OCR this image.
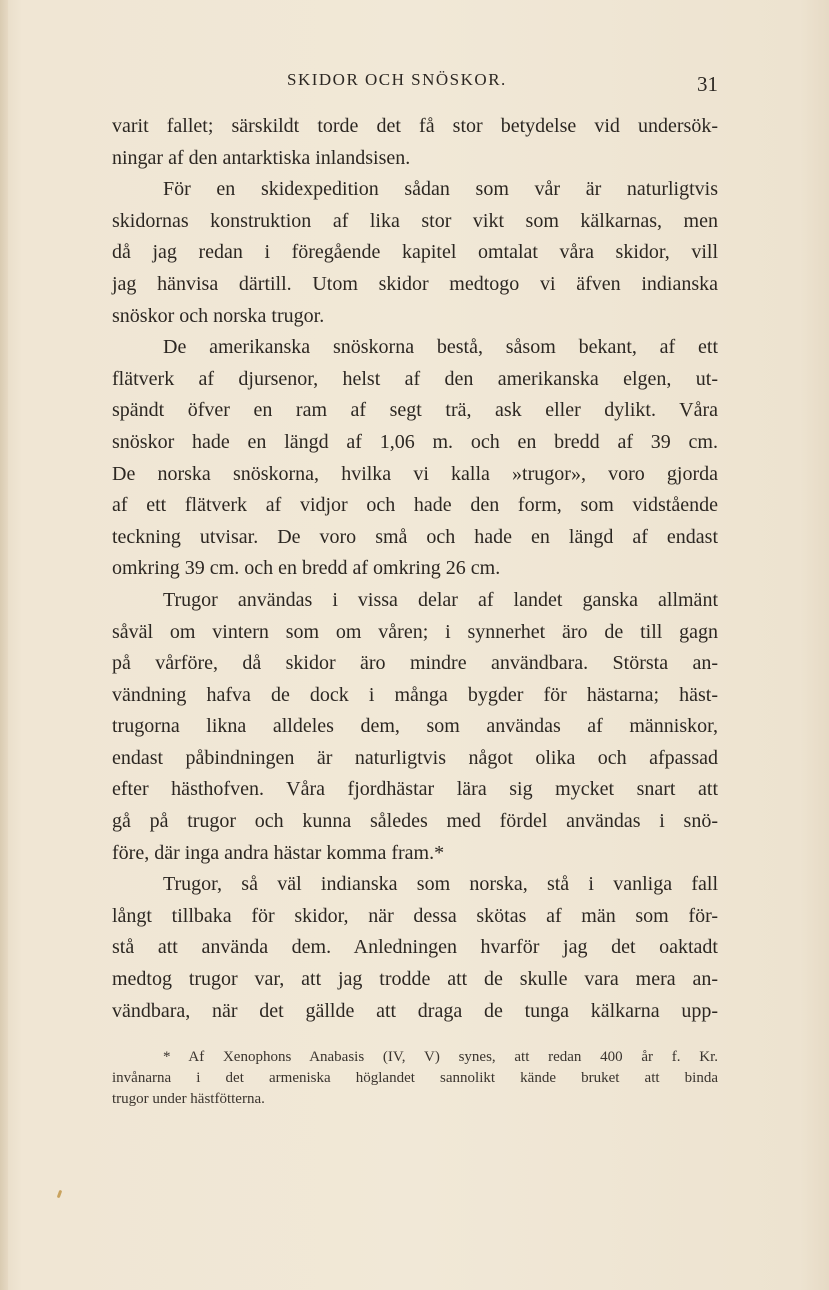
SKIDOR OCH SNÖSKOR.	31
varit fallet; särskildt torde det få stor betydelse vid undersök-
ningar af den antarktiska inlandsisen.
För en skidexpedition sådan som vår är naturligtvis
skidornas konstruktion af lika stor vikt som kälkarnas, men
då jag redan i föregående kapitel omtalat våra skidor, vill
jag hänvisa därtill. Utom skidor medtogo vi äfven indianska
snöskor och norska trugor.
De amerikanska snöskorna bestå, såsom bekant, af ett
flätverk af djursenor, helst af den amerikanska elgen, ut-
spändt öfver en ram af segt trä, ask eller dylikt. Våra
snöskor hade en längd af 1,06 m. och en bredd af 39 cm.
De norska snöskorna, hvilka vi kalla »trugor», voro gjorda
af ett flätverk af vidjor och hade den form, som vidstående
teckning utvisar. De voro små och hade en längd af endast
omkring 39 cm. och en bredd af omkring 26 cm.
Trugor användas i vissa delar af landet ganska allmänt
såväl om vintern som om våren; i synnerhet äro de till gagn
på vårföre, då skidor äro mindre användbara. Största an-
vändning hafva de dock i många bygder för hästarna; häst-
trugorna likna alldeles dem, som användas af människor,
endast påbindningen är naturligtvis något olika och afpassad
efter hästhofven. Våra fjordhästar lära sig mycket snart att
gå på trugor och kunna således med fördel användas i snö-
före, där inga andra hästar komma fram.*
Trugor, så väl indianska som norska, stå i vanliga fall
långt tillbaka för skidor, när dessa skötas af män som för-
stå att använda dem. Anledningen hvarför jag det oaktadt
medtog trugor var, att jag trodde att de skulle vara mera an-
vändbara, när det gällde att draga de tunga kälkarna upp-
* Af Xenophons Anabasis (IV, V) synes, att redan 400 år f. Kr.
invånarna i det armeniska höglandet sannolikt kände bruket att binda
trugor under hästfötterna.
